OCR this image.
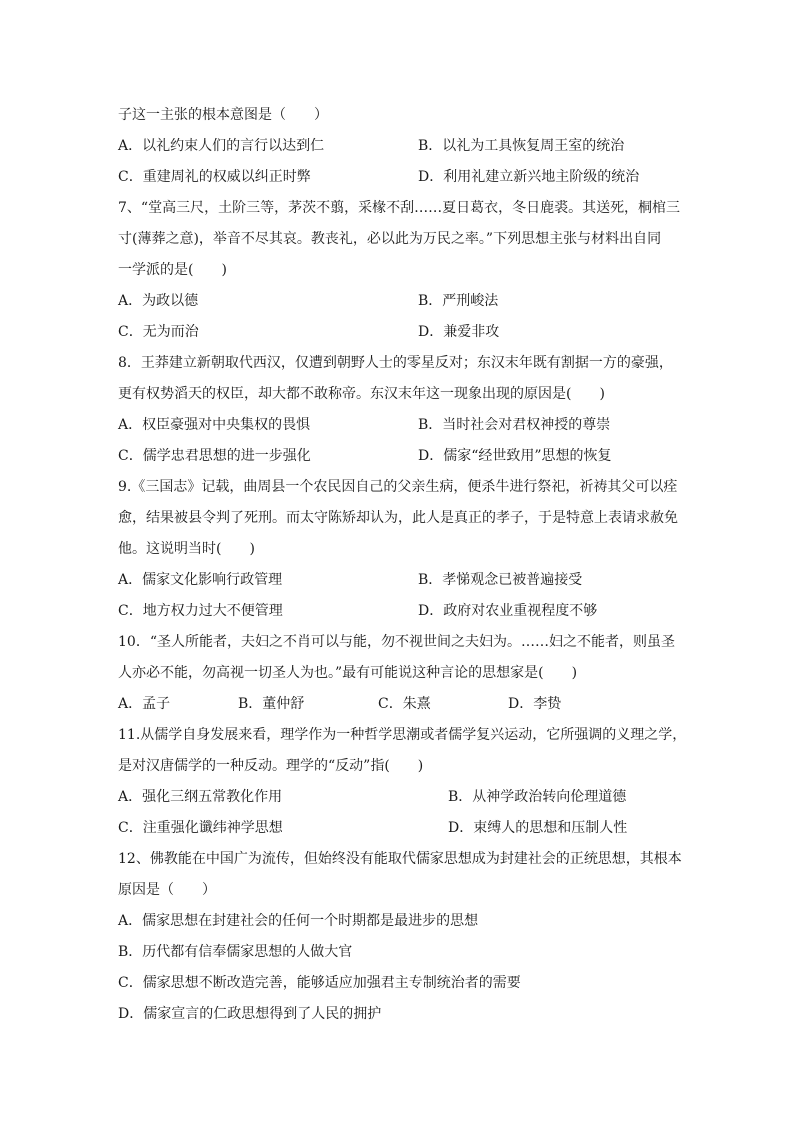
子这一主张的根本意图是（　　）
A．以礼约束人们的言行以达到仁	B．以礼为工具恢复周王室的统治
C．重建周礼的权威以纠正时弊	D．利用礼建立新兴地主阶级的统治
7、“堂高三尺，土阶三等，茅茨不翦，采椽不刮……夏日葛衣，冬日鹿裘。其送死，桐棺三
寸(薄葬之意)，举音不尽其哀。教丧礼，必以此为万民之率。”下列思想主张与材料出自同
一学派的是(　　)
A．为政以德	B．严刑峻法
C．无为而治	D．兼爱非攻
8．王莽建立新朝取代西汉，仅遭到朝野人士的零星反对；东汉末年既有割据一方的豪强，
更有权势滔天的权臣，却大都不敢称帝。东汉末年这一现象出现的原因是(　　)
A．权臣豪强对中央集权的畏惧	B．当时社会对君权神授的尊崇
C．儒学忠君思想的进一步强化	D．儒家“经世致用”思想的恢复
9.《三国志》记载，曲周县一个农民因自己的父亲生病，便杀牛进行祭祀，祈祷其父可以痊
愈，结果被县令判了死刑。而太守陈矫却认为，此人是真正的孝子，于是特意上表请求赦免
他。这说明当时(　　)
A．儒家文化影响行政管理	B．孝悌观念已被普遍接受
C．地方权力过大不便管理	D．政府对农业重视程度不够
10．“圣人所能者，夫妇之不肖可以与能，勿不视世间之夫妇为。……妇之不能者，则虽圣
人亦必不能，勿高视一切圣人为也。”最有可能说这种言论的思想家是(　　)
A．孟子	B．董仲舒	C．朱熹	D．李贽
11.从儒学自身发展来看，理学作为一种哲学思潮或者儒学复兴运动，它所强调的义理之学，
是对汉唐儒学的一种反动。理学的“反动”指(　　)
A．强化三纲五常教化作用	B．从神学政治转向伦理道德
C．注重强化谶纬神学思想	D．束缚人的思想和压制人性
12、佛教能在中国广为流传，但始终没有能取代儒家思想成为封建社会的正统思想，其根本
原因是（　　）
A．儒家思想在封建社会的任何一个时期都是最进步的思想
B．历代都有信奉儒家思想的人做大官
C．儒家思想不断改造完善，能够适应加强君主专制统治者的需要
D．儒家宣言的仁政思想得到了人民的拥护
